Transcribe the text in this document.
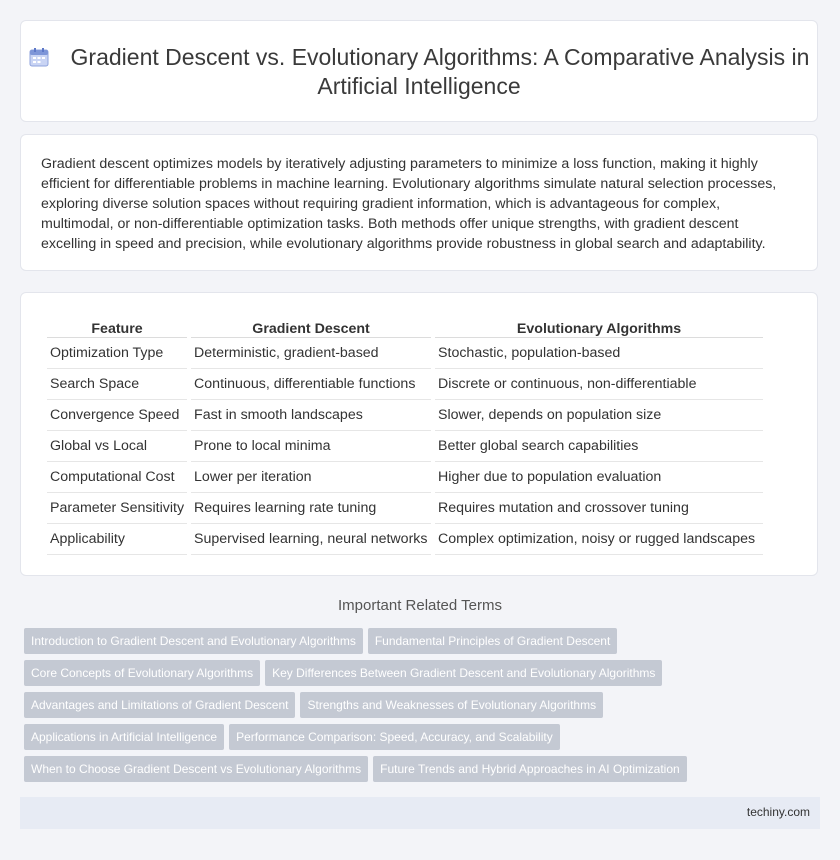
Gradient Descent vs. Evolutionary Algorithms: A Comparative Analysis in Artificial Intelligence
Gradient descent optimizes models by iteratively adjusting parameters to minimize a loss function, making it highly efficient for differentiable problems in machine learning. Evolutionary algorithms simulate natural selection processes, exploring diverse solution spaces without requiring gradient information, which is advantageous for complex, multimodal, or non-differentiable optimization tasks. Both methods offer unique strengths, with gradient descent excelling in speed and precision, while evolutionary algorithms provide robustness in global search and adaptability.
Feature	Gradient Descent	Evolutionary Algorithms
Optimization Type	Deterministic, gradient-based	Stochastic, population-based
Search Space	Continuous, differentiable functions	Discrete or continuous, non-differentiable
Convergence Speed	Fast in smooth landscapes	Slower, depends on population size
Global vs Local	Prone to local minima	Better global search capabilities
Computational Cost	Lower per iteration	Higher due to population evaluation
Parameter Sensitivity	Requires learning rate tuning	Requires mutation and crossover tuning
Applicability	Supervised learning, neural networks	Complex optimization, noisy or rugged landscapes
Important Related Terms
Introduction to Gradient Descent and Evolutionary Algorithms Fundamental Principles of Gradient Descent
Core Concepts of Evolutionary Algorithms Key Differences Between Gradient Descent and Evolutionary Algorithms
Advantages and Limitations of Gradient Descent Strengths and Weaknesses of Evolutionary Algorithms
Applications in Artificial Intelligence Performance Comparison: Speed, Accuracy, and Scalability
When to Choose Gradient Descent vs Evolutionary Algorithms Future Trends and Hybrid Approaches in AI Optimization
techiny.com
